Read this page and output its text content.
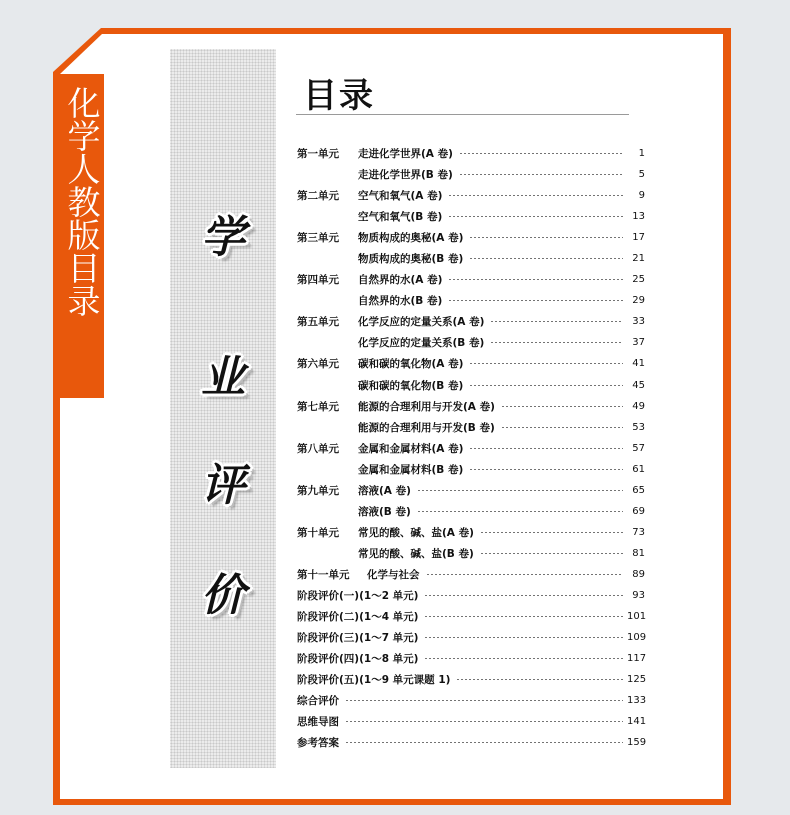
化学人教版目录	学
业
评
价
目录
第一单元	走进化学世界(A 卷)	1
走进化学世界(B 卷)	5
第二单元	空气和氧气(A 卷)	9
空气和氧气(B 卷)	13
第三单元	物质构成的奥秘(A 卷)	17
物质构成的奥秘(B 卷)	21
第四单元	自然界的水(A 卷)	25
自然界的水(B 卷)	29
第五单元	化学反应的定量关系(A 卷)	33
化学反应的定量关系(B 卷)	37
第六单元	碳和碳的氧化物(A 卷)	41
碳和碳的氧化物(B 卷)	45
第七单元	能源的合理利用与开发(A 卷)	49
能源的合理利用与开发(B 卷)	53
第八单元	金属和金属材料(A 卷)	57
金属和金属材料(B 卷)	61
第九单元	溶液(A 卷)	65
溶液(B 卷)	69
第十单元	常见的酸、碱、盐(A 卷)	73
常见的酸、碱、盐(B 卷)	81
第十一单元	化学与社会	89
阶段评价(一)(1～2 单元)	93
阶段评价(二)(1～4 单元)	101
阶段评价(三)(1～7 单元)	109
阶段评价(四)(1～8 单元)	117
阶段评价(五)(1～9 单元课题 1)	125
综合评价	133
思维导图	141
参考答案	159
